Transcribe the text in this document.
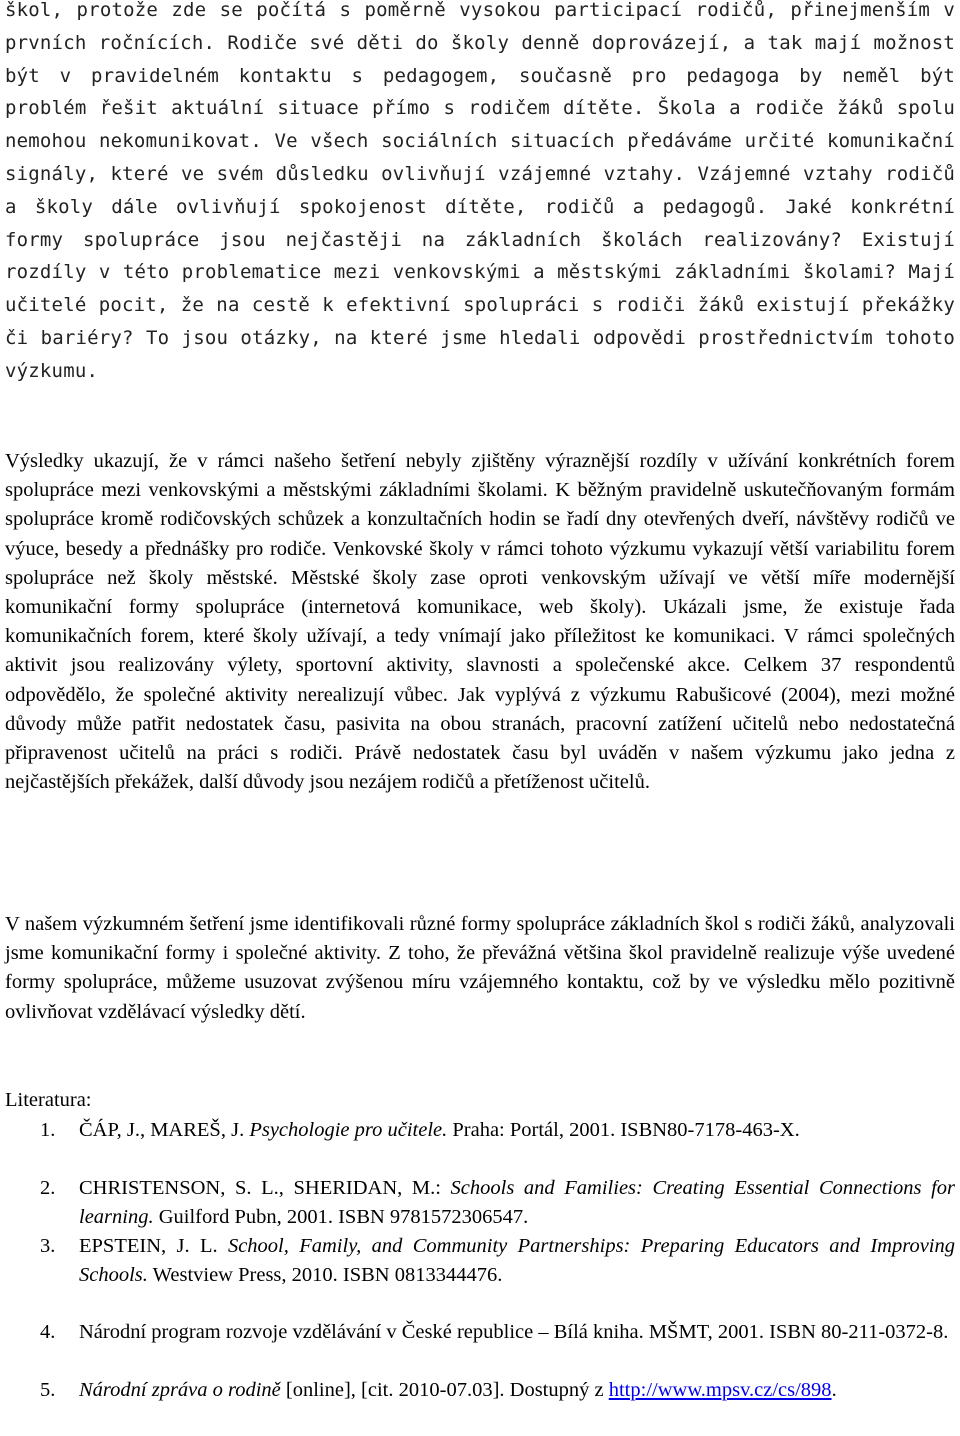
škol, protože zde se počítá s poměrně vysokou participací rodičů, přinejmenším v prvních ročnících. Rodiče své děti do školy denně doprovázejí, a tak mají možnost být v pravidelném kontaktu s pedagogem, současně pro pedagoga by neměl být problém řešit aktuální situace přímo s rodičem dítěte. Škola a rodiče žáků spolu nemohou nekomunikovat. Ve všech sociálních situacích předáváme určité komunikační signály, které ve svém důsledku ovlivňují vzájemné vztahy. Vzájemné vztahy rodičů a školy dále ovlivňují spokojenost dítěte, rodičů a pedagogů. Jaké konkrétní formy spolupráce jsou nejčastěji na základních školách realizovány? Existují rozdíly v této problematice mezi venkovskými a městskými základními školami? Mají učitelé pocit, že na cestě k efektivní spolupráci s rodiči žáků existují překážky či bariéry? To jsou otázky, na které jsme hledali odpovědi prostřednictvím tohoto výzkumu.

Výsledky ukazují, že v rámci našeho šetření nebyly zjištěny výraznější rozdíly v užívání konkrétních forem spolupráce mezi venkovskými a městskými základními školami. K běžným pravidelně uskutečňovaným formám spolupráce kromě rodičovských schůzek a konzultačních hodin se řadí dny otevřených dveří, návštěvy rodičů ve výuce, besedy a přednášky pro rodiče. Venkovské školy v rámci tohoto výzkumu vykazují větší variabilitu forem spolupráce než školy městské. Městské školy zase oproti venkovským užívají ve větší míře modernější komunikační formy spolupráce (internetová komunikace, web školy). Ukázali jsme, že existuje řada komunikačních forem, které školy užívají, a tedy vnímají jako příležitost ke komunikaci. V rámci společných aktivit jsou realizovány výlety, sportovní aktivity, slavnosti a společenské akce. Celkem 37 respondentů odpovědělo, že společné aktivity nerealizují vůbec. Jak vyplývá z výzkumu Rabušicové (2004), mezi možné důvody může patřit nedostatek času, pasivita na obou stranách, pracovní zatížení učitelů nebo nedostatečná připravenost učitelů na práci s rodiči. Právě nedostatek času byl uváděn v našem výzkumu jako jedna z nejčastějších překážek, další důvody jsou nezájem rodičů a přetíženost učitelů.

V našem výzkumném šetření jsme identifikovali různé formy spolupráce základních škol s rodiči žáků, analyzovali jsme komunikační formy i společné aktivity. Z toho, že převážná většina škol pravidelně realizuje výše uvedené formy spolupráce, můžeme usuzovat zvýšenou míru vzájemného kontaktu, což by ve výsledku mělo pozitivně ovlivňovat vzdělávací výsledky dětí.

Literatura:

1.	ČÁP, J., MAREŠ, J. Psychologie pro učitele. Praha: Portál, 2001. ISBN80-7178-463-X.
2.	CHRISTENSON, S. L., SHERIDAN, M.: Schools and Families: Creating Essential Connections for learning. Guilford Pubn, 2001. ISBN 9781572306547.
3.	EPSTEIN, J. L. School, Family, and Community Partnerships: Preparing Educators and Improving Schools. Westview Press, 2010. ISBN 0813344476.
4.	Národní program rozvoje vzdělávání v České republice – Bílá kniha. MŠMT, 2001. ISBN 80-211-0372-8.
5.	Národní zpráva o rodině [online], [cit. 2010-07.03]. Dostupný z http://www.mpsv.cz/cs/898.
